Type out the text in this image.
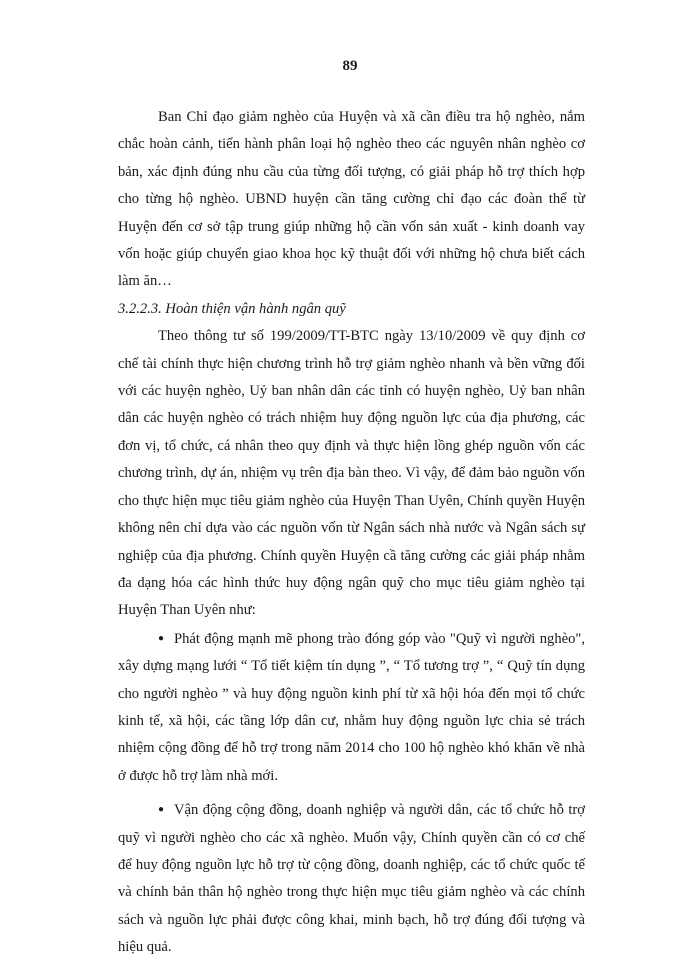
89

Ban Chỉ đạo giảm nghèo của Huyện và xã cần điều tra hộ nghèo, nắm chắc hoàn cảnh, tiến hành phân loại hộ nghèo theo các nguyên nhân nghèo cơ bản, xác định đúng nhu cầu của từng đối tượng, có giải pháp hỗ trợ thích hợp cho từng hộ nghèo. UBND huyện cần tăng cường chỉ đạo các đoàn thể từ Huyện đến cơ sở tập trung giúp những hộ cần vốn sản xuất - kinh doanh vay vốn hoặc giúp chuyển giao khoa học kỹ thuật đối với những hộ chưa biết cách làm ăn…

3.2.2.3. Hoàn thiện vận hành ngân quỹ

Theo thông tư số 199/2009/TT-BTC ngày 13/10/2009 về quy định cơ chế tài chính thực hiện chương trình hỗ trợ giảm nghèo nhanh và bền vững đối với các huyện nghèo, Uỷ ban nhân dân các tỉnh có huyện nghèo, Uỷ ban nhân dân các huyện nghèo có trách nhiệm huy động nguồn lực của địa phương, các đơn vị, tổ chức, cá nhân theo quy định và thực hiện lồng ghép nguồn vốn các chương trình, dự án, nhiệm vụ trên địa bàn theo. Vì vậy, để đảm bảo nguồn vốn cho thực hiện mục tiêu giảm nghèo của Huyện Than Uyên, Chính quyền Huyện không nên chỉ dựa vào các nguồn vốn từ Ngân sách nhà nước và Ngân sách sự nghiệp của địa phương. Chính quyền Huyện cầ tăng cường các giải pháp nhằm đa dạng hóa các hình thức huy động ngân quỹ cho mục tiêu giảm nghèo tại Huyện Than Uyên như:

● Phát động mạnh mẽ phong trào đóng góp vào "Quỹ vì người nghèo", xây dựng mạng lưới “ Tổ tiết kiệm tín dụng ”, “ Tổ tương trợ ”, “ Quỹ tín dụng cho người nghèo ” và huy động nguồn kinh phí từ xã hội hóa đến mọi tổ chức kinh tế, xã hội, các tầng lớp dân cư, nhằm huy động nguồn lực chia sẻ trách nhiệm cộng đồng để hỗ trợ trong năm 2014 cho 100 hộ nghèo khó khăn về nhà ở được hỗ trợ làm nhà mới.
● Vận động cộng đồng, doanh nghiệp và người dân, các tổ chức hỗ trợ quỹ vì người nghèo cho các xã nghèo. Muốn vậy, Chính quyền cần có cơ chế để huy động nguồn lực hỗ trợ từ cộng đồng, doanh nghiệp, các tổ chức quốc tế và chính bản thân hộ nghèo trong thực hiện mục tiêu giảm nghèo và các chính sách và nguồn lực phải được công khai, minh bạch, hỗ trợ đúng đối tượng và hiệu quả.
